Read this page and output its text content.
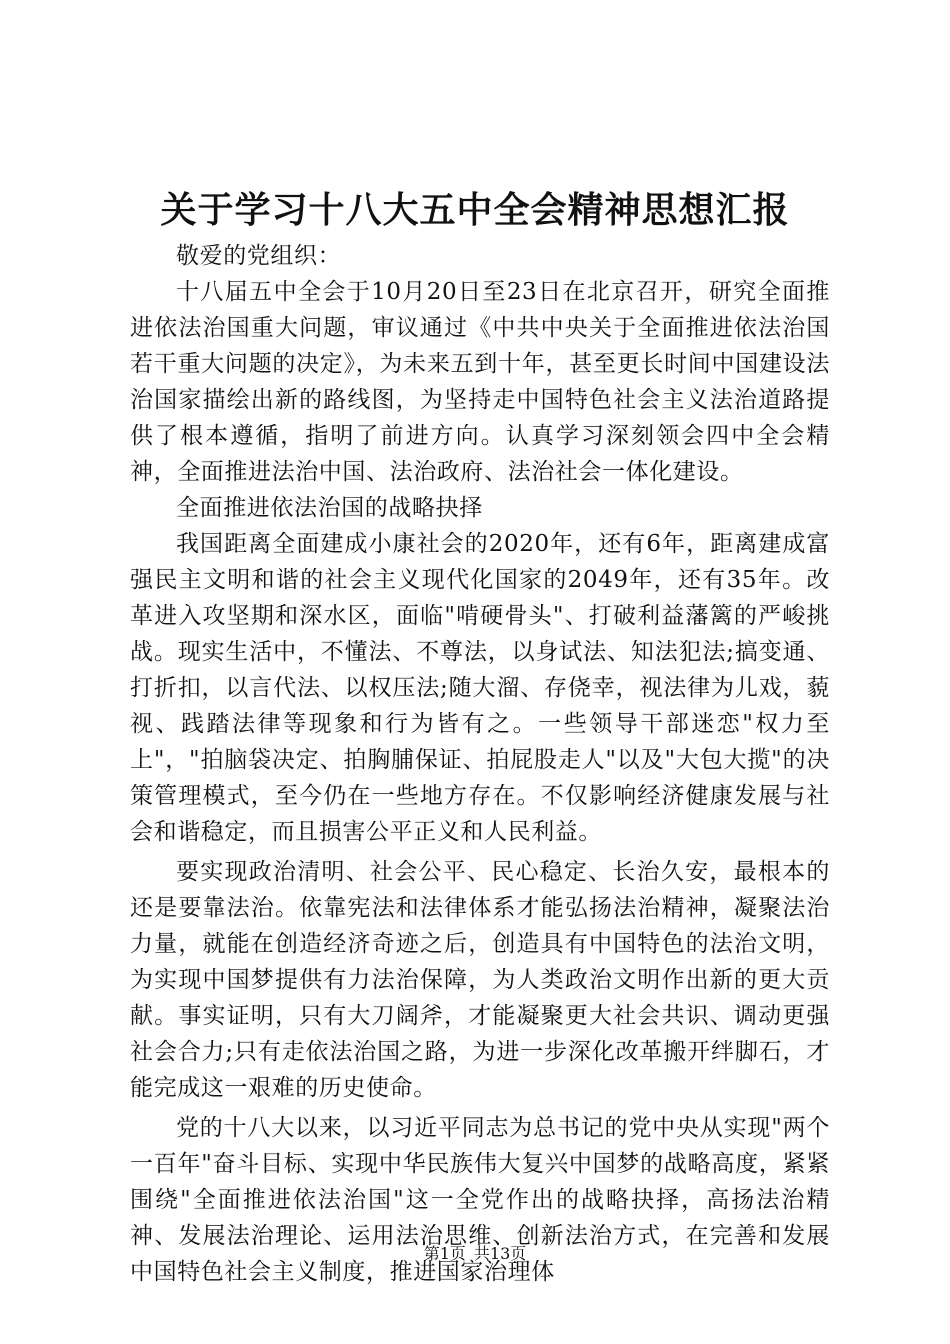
关于学习十八大五中全会精神思想汇报

敬爱的党组织：

十八届五中全会于10月20日至23日在北京召开，研究全面推进依法治国重大问题，审议通过《中共中央关于全面推进依法治国若干重大问题的决定》，为未来五到十年，甚至更长时间中国建设法治国家描绘出新的路线图，为坚持走中国特色社会主义法治道路提供了根本遵循，指明了前进方向。认真学习深刻领会四中全会精神，全面推进法治中国、法治政府、法治社会一体化建设。

全面推进依法治国的战略抉择

我国距离全面建成小康社会的2020年，还有6年，距离建成富强民主文明和谐的社会主义现代化国家的2049年，还有35年。改革进入攻坚期和深水区，面临"啃硬骨头"、打破利益藩篱的严峻挑战。现实生活中，不懂法、不尊法，以身试法、知法犯法;搞变通、打折扣，以言代法、以权压法;随大溜、存侥幸，视法律为儿戏，藐视、践踏法律等现象和行为皆有之。一些领导干部迷恋"权力至上"，"拍脑袋决定、拍胸脯保证、拍屁股走人"以及"大包大揽"的决策管理模式，至今仍在一些地方存在。不仅影响经济健康发展与社会和谐稳定，而且损害公平正义和人民利益。

要实现政治清明、社会公平、民心稳定、长治久安，最根本的还是要靠法治。依靠宪法和法律体系才能弘扬法治精神，凝聚法治力量，就能在创造经济奇迹之后，创造具有中国特色的法治文明，为实现中国梦提供有力法治保障，为人类政治文明作出新的更大贡献。事实证明，只有大刀阔斧，才能凝聚更大社会共识、调动更强社会合力;只有走依法治国之路，为进一步深化改革搬开绊脚石，才能完成这一艰难的历史使命。

党的十八大以来，以习近平同志为总书记的党中央从实现"两个一百年"奋斗目标、实现中华民族伟大复兴中国梦的战略高度，紧紧围绕"全面推进依法治国"这一全党作出的战略抉择，高扬法治精神、发展法治理论、运用法治思维、创新法治方式，在完善和发展中国特色社会主义制度，推进国家治理体

第1页 共13页
